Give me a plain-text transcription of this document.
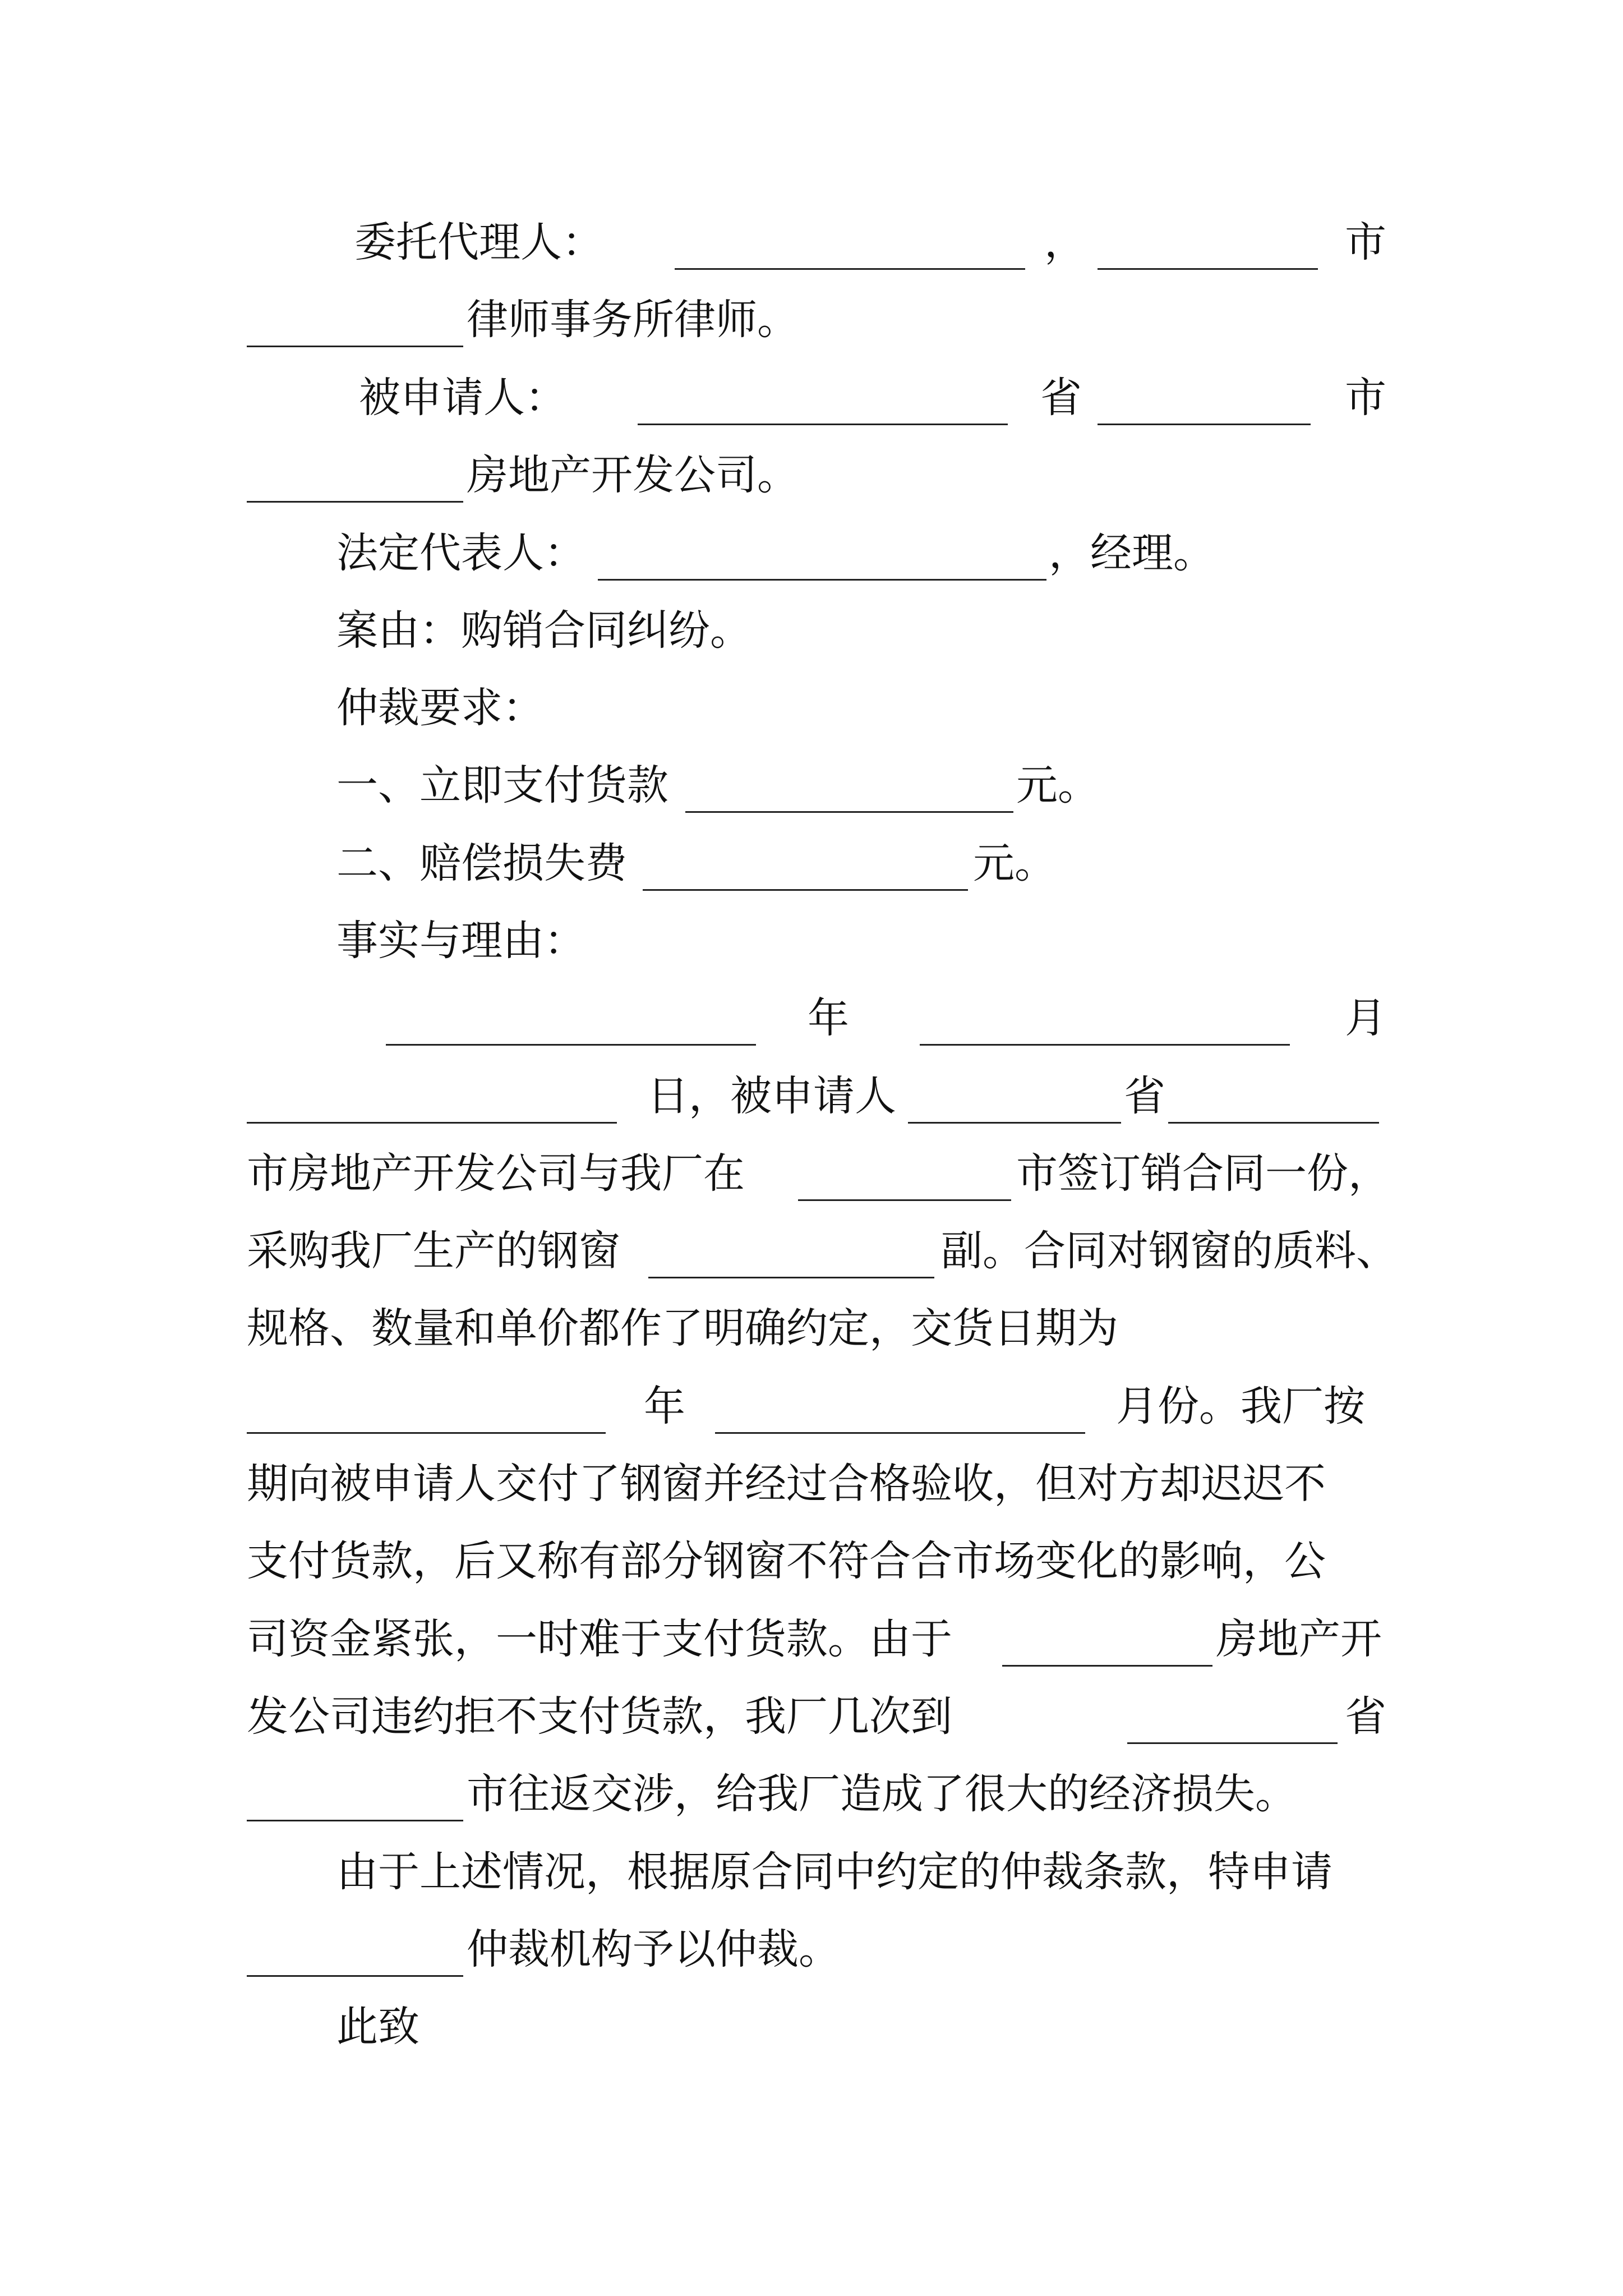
委托代理人：	，	市
律师事务所律师。
被申请人：	省	市
房地产开发公司。
法定代表人：	，经理。
案由：购销合同纠纷。
仲裁要求：
一、立即支付货款	元。
二、赔偿损失费	元。
事实与理由：
年	月
日，被申请人	省
市房地产开发公司与我厂在	市签订销合同一份，
采购我厂生产的钢窗	副。合同对钢窗的质料、
规格、数量和单价都作了明确约定，交货日期为
年	月份。我厂按
期向被申请人交付了钢窗并经过合格验收，但对方却迟迟不
支付货款，后又称有部分钢窗不符合合市场变化的影响，公
司资金紧张，一时难于支付货款。由于	房地产开
发公司违约拒不支付货款，我厂几次到	省
市往返交涉，给我厂造成了很大的经济损失。
由于上述情况，根据原合同中约定的仲裁条款，特申请
仲裁机构予以仲裁。
此致
